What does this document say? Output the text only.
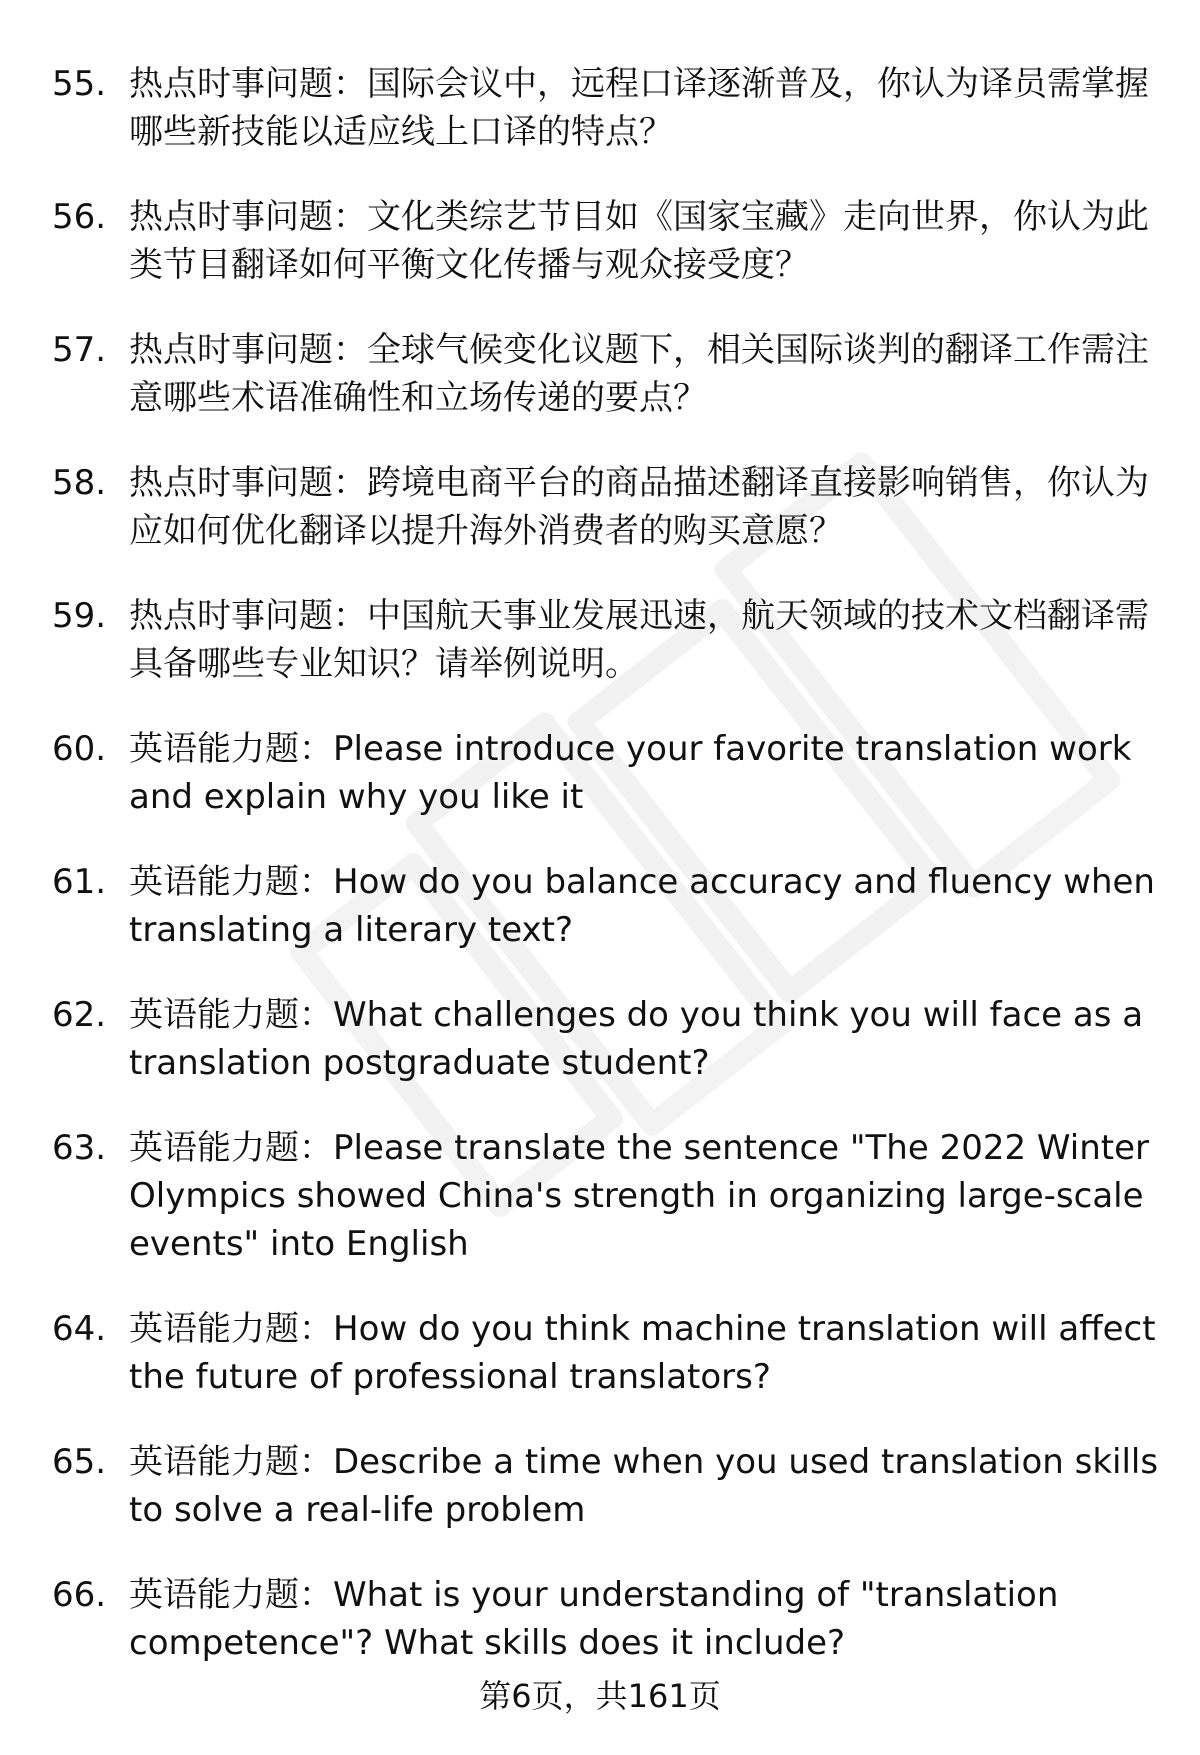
55. 热点时事问题：国际会议中，远程口译逐渐普及，你认为译员需掌握哪些新技能以适应线上口译的特点？
56. 热点时事问题：文化类综艺节目如《国家宝藏》走向世界，你认为此类节目翻译如何平衡文化传播与观众接受度？
57. 热点时事问题：全球气候变化议题下，相关国际谈判的翻译工作需注意哪些术语准确性和立场传递的要点？
58. 热点时事问题：跨境电商平台的商品描述翻译直接影响销售，你认为应如何优化翻译以提升海外消费者的购买意愿？
59. 热点时事问题：中国航天事业发展迅速，航天领域的技术文档翻译需具备哪些专业知识？请举例说明。
60. 英语能力题：Please introduce your favorite translation work and explain why you like it
61. 英语能力题：How do you balance accuracy and fluency when translating a literary text?
62. 英语能力题：What challenges do you think you will face as a translation postgraduate student?
63. 英语能力题：Please translate the sentence "The 2022 Winter Olympics showed China's strength in organizing large-scale events" into English
64. 英语能力题：How do you think machine translation will affect the future of professional translators?
65. 英语能力题：Describe a time when you used translation skills to solve a real-life problem
66. 英语能力题：What is your understanding of "translation competence"? What skills does it include?
第6页，共161页
